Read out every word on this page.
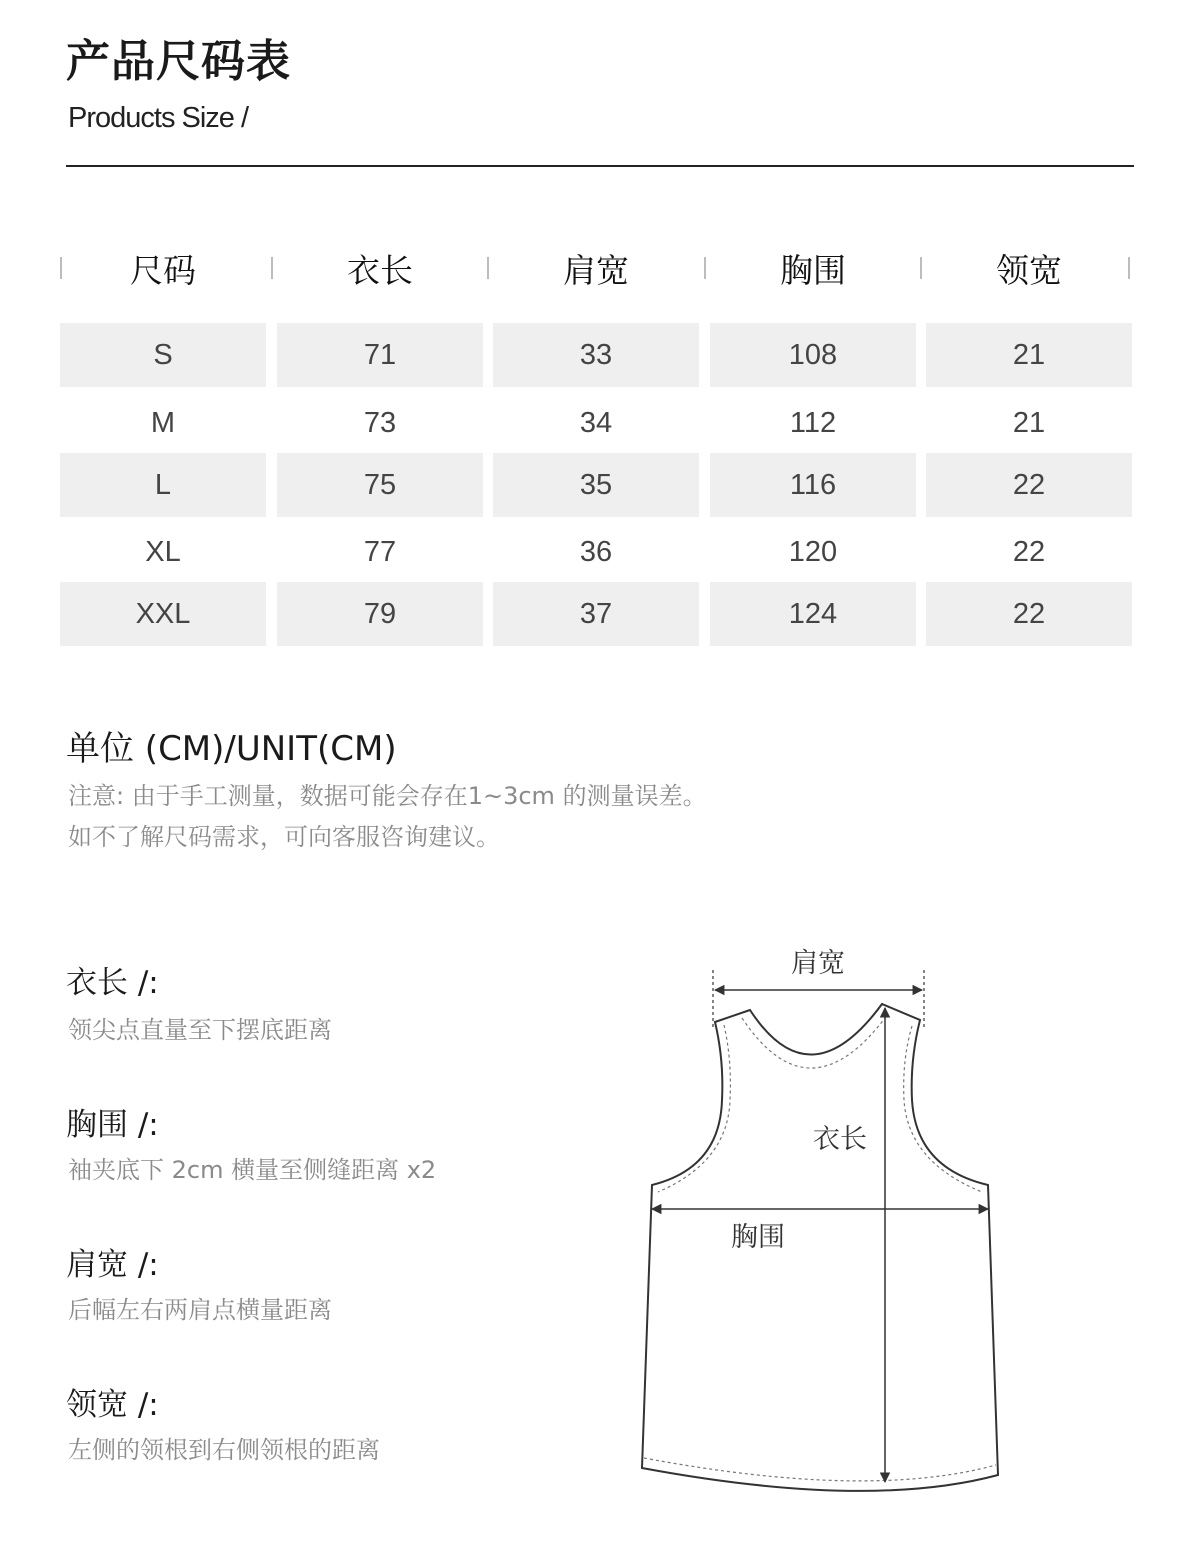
产品尺码表
Products Size /
尺码	衣长	肩宽	胸围	领宽
S	71	33	108	21
M	73	34	112	21
L	75	35	116	22
XL	77	36	120	22
XXL	79	37	124	22
单位 (CM)/UNIT(CM)
注意: 由于手工测量，数据可能会存在1~3cm 的测量误差。
如不了解尺码需求，可向客服咨询建议。
衣长 /:
领尖点直量至下摆底距离
胸围 /:
袖夹底下 2cm 横量至侧缝距离 x2
肩宽 /:
后幅左右两肩点横量距离
领宽 /:
左侧的领根到右侧领根的距离
肩宽
衣长
胸围
